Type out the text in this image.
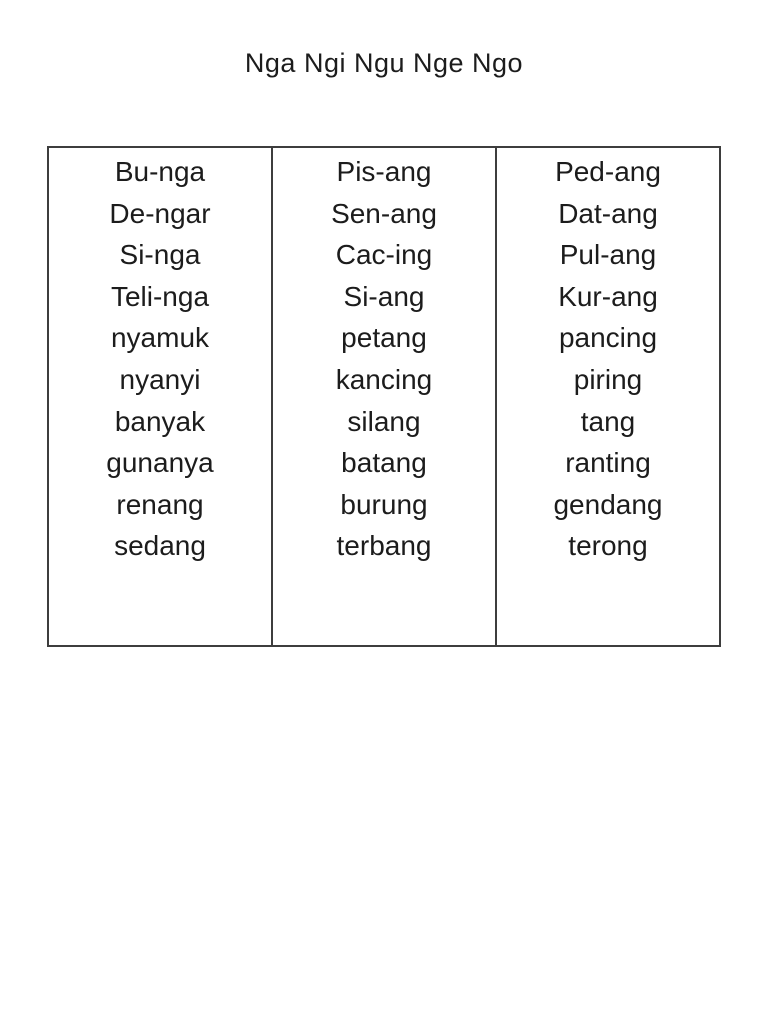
Nga Ngi Ngu Nge Ngo
Bu-nga
De-ngar
Si-nga
Teli-nga
nyamuk
nyanyi
banyak
gunanya
renang
sedang
Pis-ang
Sen-ang
Cac-ing
Si-ang
petang
kancing
silang
batang
burung
terbang
Ped-ang
Dat-ang
Pul-ang
Kur-ang
pancing
piring
tang
ranting
gendang
terong
